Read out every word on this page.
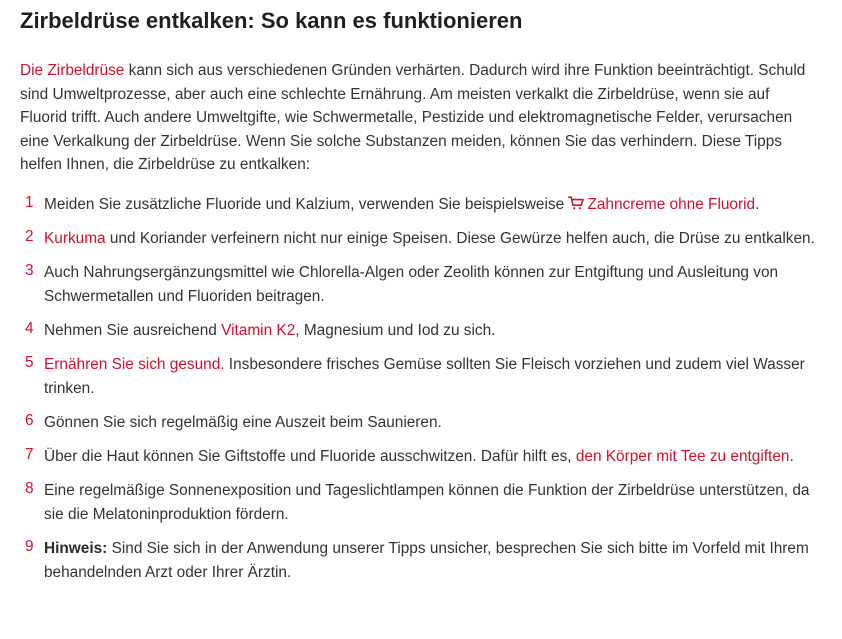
Zirbeldrüse entkalken: So kann es funktionieren

Die Zirbeldrüse kann sich aus verschiedenen Gründen verhärten. Dadurch wird ihre Funktion beeinträchtigt. Schuld sind Umweltprozesse, aber auch eine schlechte Ernährung. Am meisten verkalkt die Zirbeldrüse, wenn sie auf Fluorid trifft. Auch andere Umweltgifte, wie Schwermetalle, Pestizide und elektromagnetische Felder, verursachen eine Verkalkung der Zirbeldrüse. Wenn Sie solche Substanzen meiden, können Sie das verhindern. Diese Tipps helfen Ihnen, die Zirbeldrüse zu entkalken:

1 Meiden Sie zusätzliche Fluoride und Kalzium, verwenden Sie beispielsweise Zahncreme ohne Fluorid.
2 Kurkuma und Koriander verfeinern nicht nur einige Speisen. Diese Gewürze helfen auch, die Drüse zu entkalken.
3 Auch Nahrungsergänzungsmittel wie Chlorella-Algen oder Zeolith können zur Entgiftung und Ausleitung von Schwermetallen und Fluoriden beitragen.
4 Nehmen Sie ausreichend Vitamin K2, Magnesium und Iod zu sich.
5 Ernähren Sie sich gesund. Insbesondere frisches Gemüse sollten Sie Fleisch vorziehen und zudem viel Wasser trinken.
6 Gönnen Sie sich regelmäßig eine Auszeit beim Saunieren.
7 Über die Haut können Sie Giftstoffe und Fluoride ausschwitzen. Dafür hilft es, den Körper mit Tee zu entgiften.
8 Eine regelmäßige Sonnenexposition und Tageslichtlampen können die Funktion der Zirbeldrüse unterstützen, da sie die Melatoninproduktion fördern.
9 Hinweis: Sind Sie sich in der Anwendung unserer Tipps unsicher, besprechen Sie sich bitte im Vorfeld mit Ihrem behandelnden Arzt oder Ihrer Ärztin.
